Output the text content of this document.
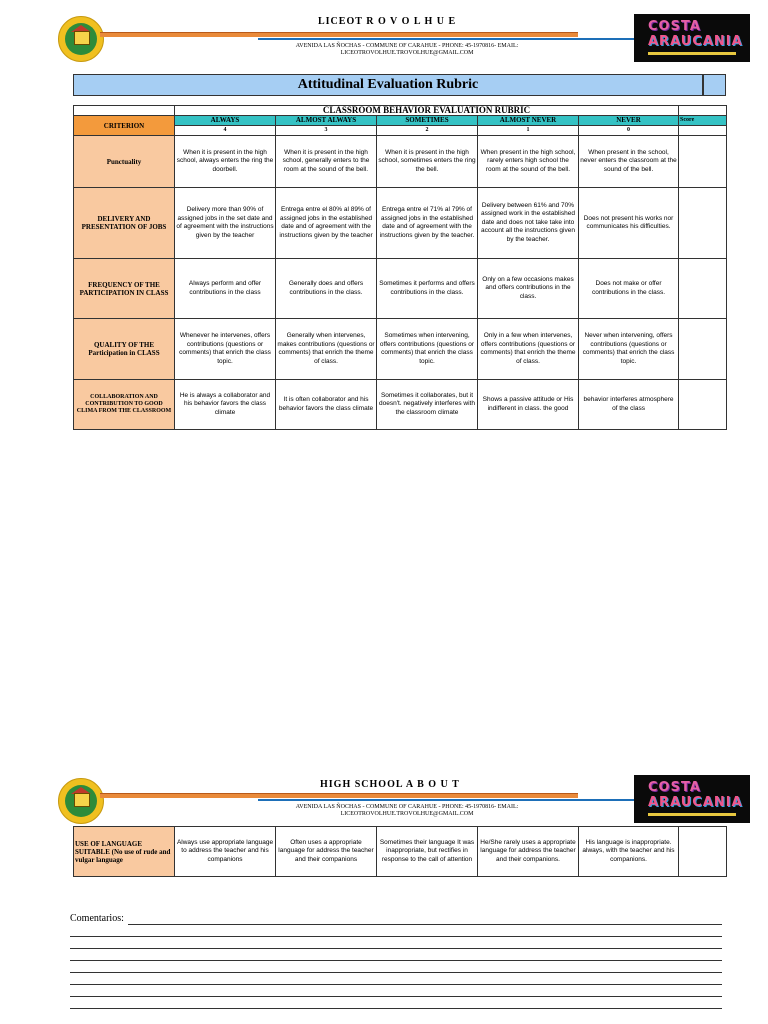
LICEOT R O V O L H U E
AVENIDA LAS ÑOCHAS - COMMUNE OF CARAHUE - PHONE: 45-1970816- EMAIL:
LICEOTROVOLHUE.TROVOLHUE@GMAIL.COM
COSTA
ARAUCANIA
Attitudinal Evaluation Rubric
	CLASSROOM BEHAVIOR EVALUATION RUBRIC					
CRITERION	ALWAYS	ALMOST ALWAYS	SOMETIMES	ALMOST NEVER	NEVER	Score
	4	3	2	1	0	
Punctuality	When it is present in the high school, always enters the ring the doorbell.	When it is present in the high school, generally enters to the room at the sound of the bell.	When it is present in the high school, sometimes enters the ring the bell.	When present in the high school, rarely enters high school the room at the sound of the bell.	When present in the school, never enters the classroom at the sound of the bell.	
DELIVERY AND PRESENTATION OF JOBS	Delivery more than 90% of assigned jobs in the set date and of agreement with the instructions given by the teacher	Entrega entre el 80% al 89% of assigned jobs in the established date and of agreement with the instructions given by the teacher	Entrega entre el 71% al 79% of assigned jobs in the established date and of agreement with the instructions given by the teacher.	Delivery between 61% and 70% assigned work in the established date and does not take take into account all the instructions given by the teacher.	Does not present his works nor communicates his difficulties.	
FREQUENCY OF THE PARTICIPATION IN CLASS	Always perform and offer contributions in the class	Generally does and offers contributions in the class.	Sometimes it performs and offers contributions in the class.	Only on a few occasions makes and offers contributions in the class.	Does not make or offer contributions in the class.	
QUALITY OF THE Participation in CLASS	Whenever he intervenes, offers contributions (questions or comments) that enrich the class topic.	Generally when intervenes, makes contributions (questions or comments) that enrich the theme of class.	Sometimes when intervening, offers contributions (questions or comments) that enrich the class topic.	Only in a few when intervenes, offers contributions (questions or comments) that enrich the theme of class.	Never when intervening, offers contributions (questions or comments) that enrich the class topic.	
COLLABORATION AND CONTRIBUTION TO GOOD CLIMA FROM THE CLASSROOM	He is always a collaborator and his behavior favors the class climate	It is often collaborator and his behavior favors the class climate	Sometimes it collaborates, but it doesn't. negatively interferes with the classroom climate	Shows a passive attitude or His indifferent in class. the good	behavior interferes atmosphere of the class	
HIGH SCHOOL A B O U T
AVENIDA LAS ÑOCHAS - COMMUNE OF CARAHUE - PHONE: 45-1970816- EMAIL:
LICEOTROVOLHUE.TROVOLHUE@GMAIL.COM
COSTA
ARAUCANIA
USE OF LANGUAGE SUITABLE (No use of rude and vulgar language	Always use appropriate language to address the teacher and his companions	Often uses a appropriate language for address the teacher and their companions	Sometimes their language It was inappropriate, but rectifies in response to the call of attention	He/She rarely uses a appropriate language for address the teacher and their companions.	His language is inappropriate. always, with the teacher and his companions.	
Comentarios:
